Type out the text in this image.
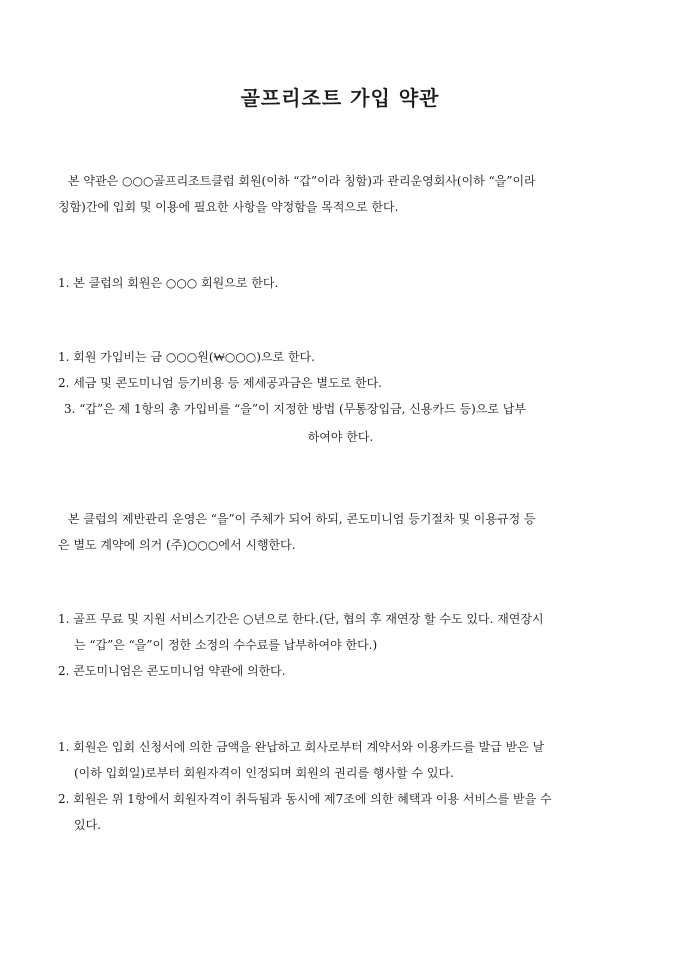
골프리조트 가입 약관
본 약관은 ○○○골프리조트클럽 회원(이하 “갑”이라 칭함)과 관리운영회사(이하 “을”이라
칭함)간에 입회 및 이용에 필요한 사항을 약정함을 목적으로 한다.
1. 본 클럽의 회원은 ○○○ 회원으로 한다.
1. 회원 가입비는 금 ○○○원(₩○○○)으로 한다.
2. 세금 및 콘도미니엄 등기비용 등 제세공과금은 별도로 한다.
3. “갑”은 제 1항의 총 가입비를 “을”이 지정한 방법 (무통장입금, 신용카드 등)으로 납부
하여야 한다.
본 클럽의 제반관리 운영은 “을”이 주체가 되어 하되, 콘도미니엄 등기절차 및 이용규정 등
은 별도 계약에 의거 (주)○○○에서 시행한다.
1. 골프 무료 및 지원 서비스기간은 ○년으로 한다.(단, 협의 후 재연장 할 수도 있다. 재연장시
는 “갑”은 “을”이 정한 소정의 수수료를 납부하여야 한다.)
2. 콘도미니엄은 콘도미니엄 약관에 의한다.
1. 회원은 입회 신청서에 의한 금액을 완납하고 회사로부터 계약서와 이용카드를 발급 받은 날
(이하 입회일)로부터 회원자격이 인정되며 회원의 권리를 행사할 수 있다.
2. 회원은 위 1항에서 회원자격이 취득됨과 동시에 제7조에 의한 혜택과 이용 서비스를 받을 수
있다.
